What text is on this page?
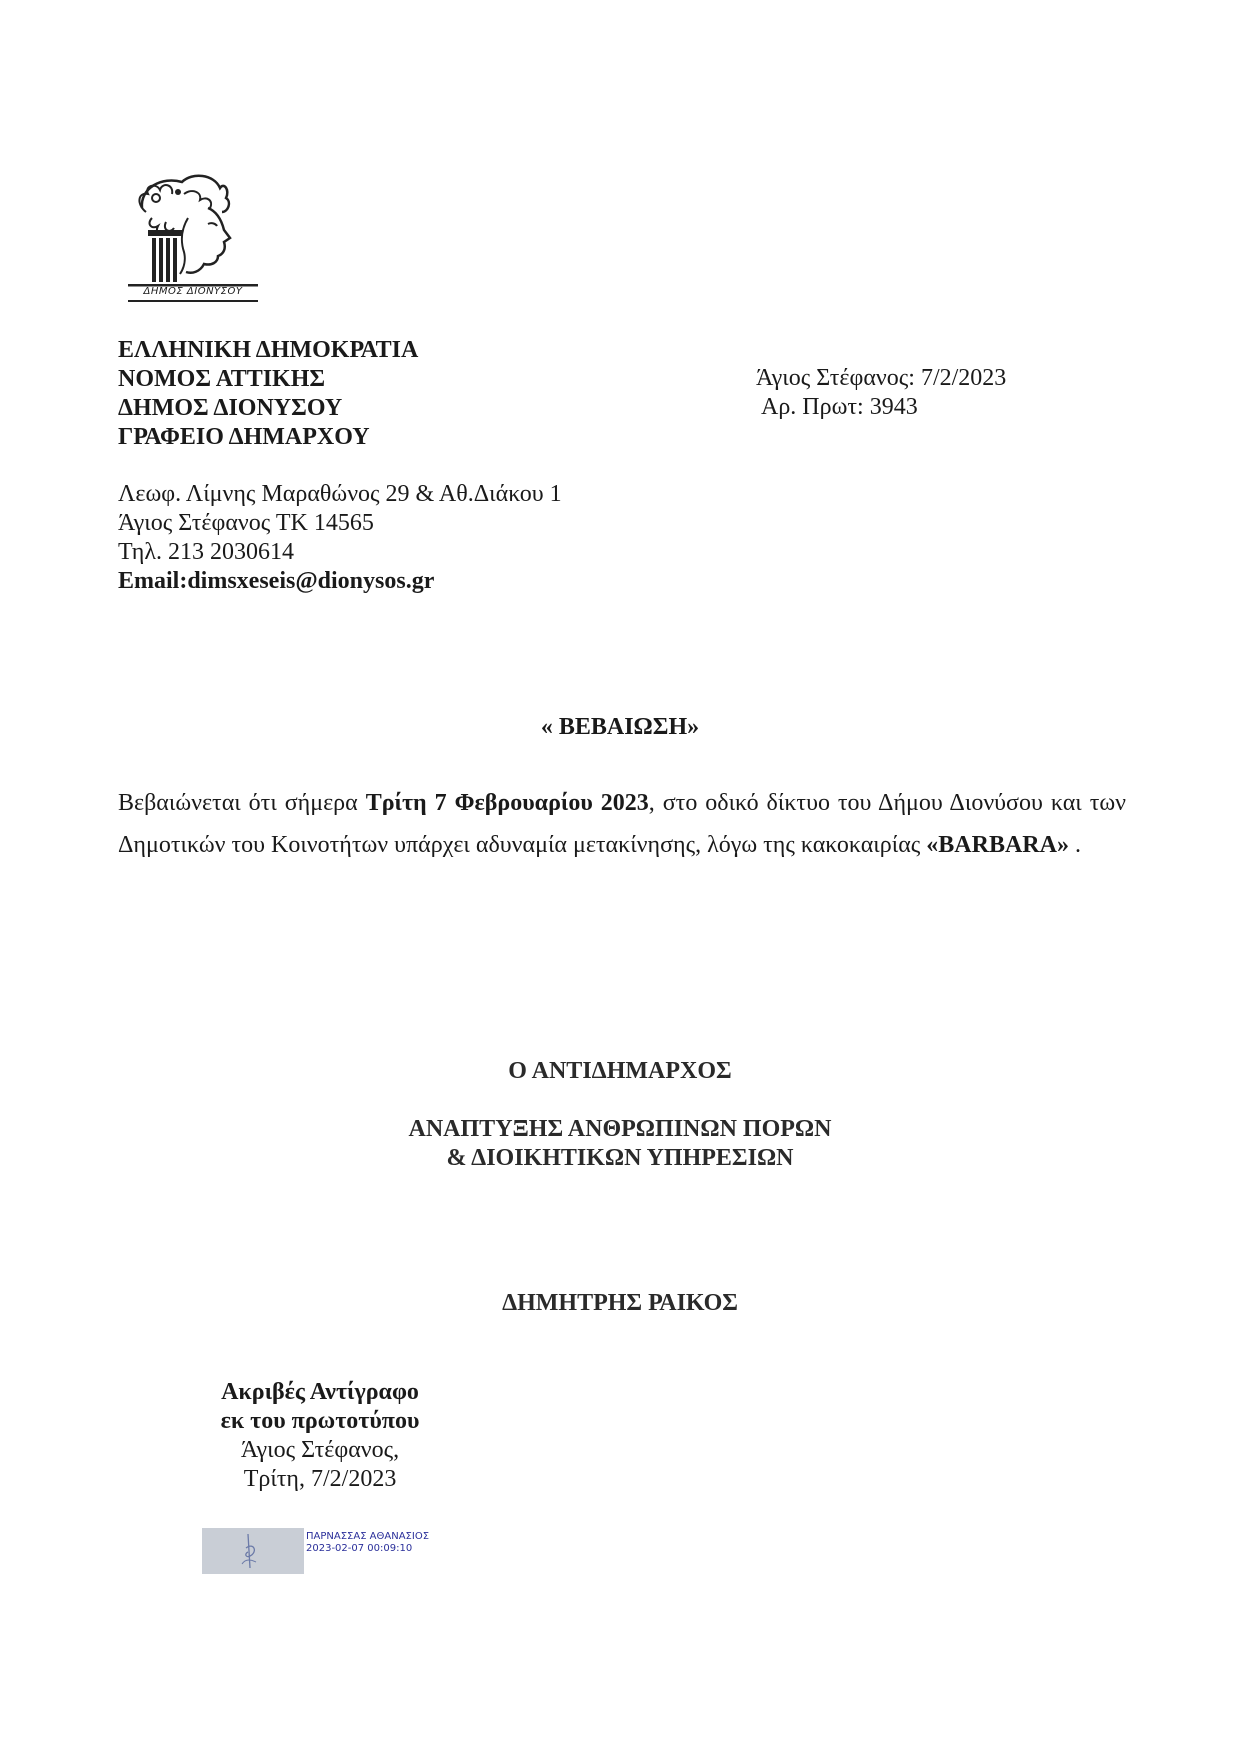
ΔΗΜΟΣ ΔΙΟΝΥΣΟΥ
ΕΛΛΗΝΙΚΗ ΔΗΜΟΚΡΑΤΙΑ
ΝΟΜΟΣ ΑΤΤΙΚΗΣ
ΔΗΜΟΣ ΔΙΟΝΥΣΟΥ
ΓΡΑΦΕΙΟ ΔΗΜΑΡΧΟΥ
Άγιος Στέφανος: 7/2/2023
Αρ. Πρωτ: 3943
Λεωφ. Λίμνης Μαραθώνος 29 & Αθ.Διάκου 1
Άγιος Στέφανος ΤΚ 14565
Τηλ. 213 2030614
Email:dimsxeseis@dionysos.gr
« ΒΕΒΑΙΩΣΗ»
Βεβαιώνεται ότι σήμερα Τρίτη 7 Φεβρουαρίου 2023, στο οδικό δίκτυο του Δήμου Διονύσου και των Δημοτικών του Κοινοτήτων υπάρχει αδυναμία μετακίνησης, λόγω της κακοκαιρίας «BARBARA» .
Ο ΑΝΤΙΔΗΜΑΡΧΟΣ
ΑΝΑΠΤΥΞΗΣ ΑΝΘΡΩΠΙΝΩΝ ΠΟΡΩΝ
& ΔΙΟΙΚΗΤΙΚΩΝ ΥΠΗΡΕΣΙΩΝ
ΔΗΜΗΤΡΗΣ ΡΑΙΚΟΣ
Ακριβές Αντίγραφο
εκ του πρωτοτύπου
Άγιος Στέφανος,
Τρίτη, 7/2/2023
ΠΑΡΝΑΣΣΑΣ ΑΘΑΝΑΣΙΟΣ
2023-02-07 00:09:10
